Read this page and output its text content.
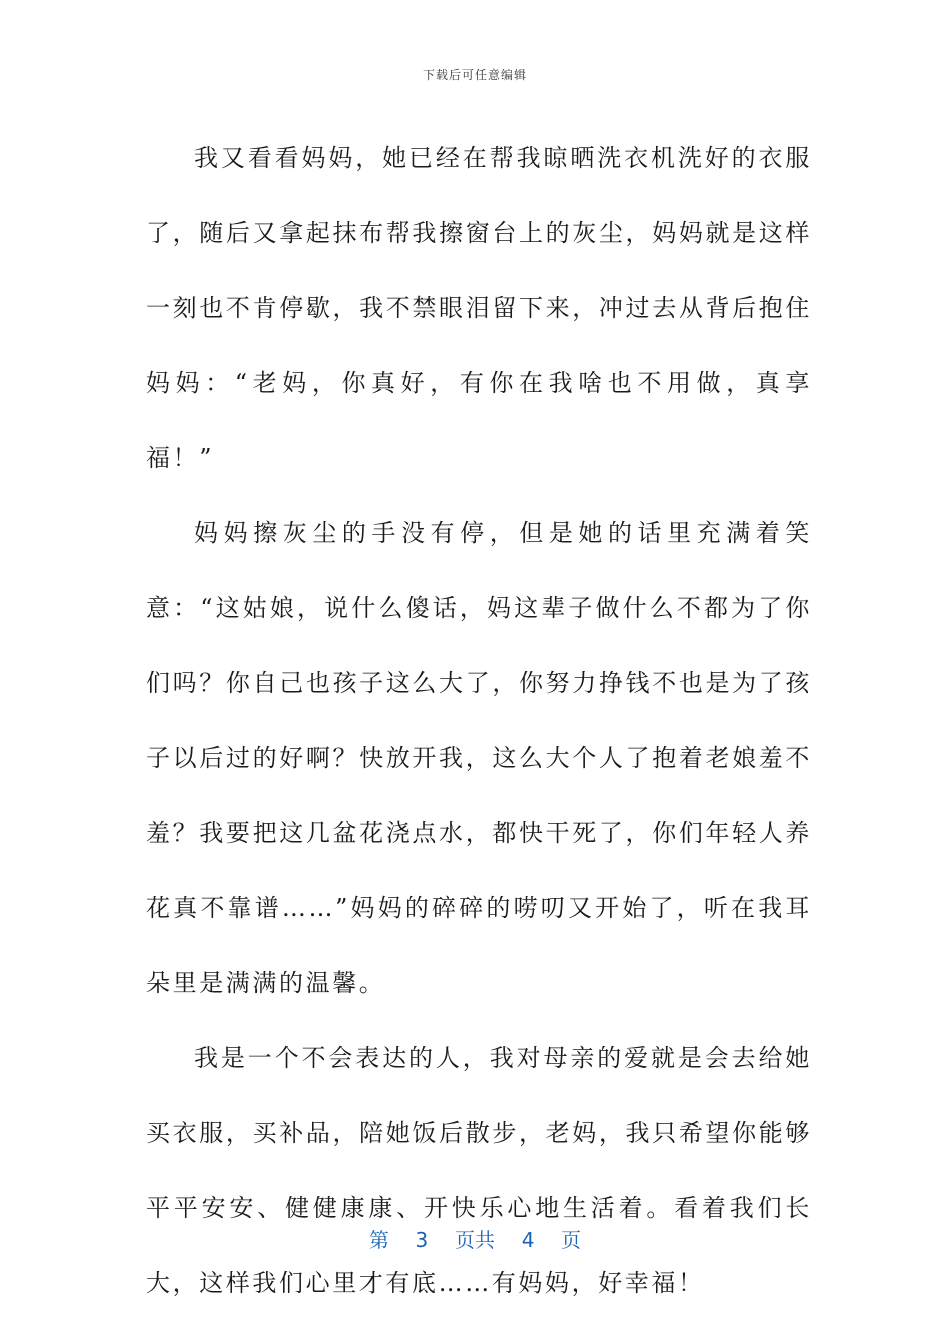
下载后可任意编辑

我又看看妈妈，她已经在帮我晾晒洗衣机洗好的衣服了，随后又拿起抹布帮我擦窗台上的灰尘，妈妈就是这样一刻也不肯停歇，我不禁眼泪留下来，冲过去从背后抱住妈妈：“老妈，你真好，有你在我啥也不用做，真享福！”

妈妈擦灰尘的手没有停，但是她的话里充满着笑意：“这姑娘，说什么傻话，妈这辈子做什么不都为了你们吗？你自己也孩子这么大了，你努力挣钱不也是为了孩子以后过的好啊？快放开我，这么大个人了抱着老娘羞不羞？我要把这几盆花浇点水，都快干死了，你们年轻人养花真不靠谱……”妈妈的碎碎的唠叨又开始了，听在我耳朵里是满满的温馨。

我是一个不会表达的人，我对母亲的爱就是会去给她买衣服，买补品，陪她饭后散步，老妈，我只希望你能够平平安安、健健康康、开快乐心地生活着。看着我们长大，这样我们心里才有底……有妈妈，好幸福！

第 3 页共 4 页
